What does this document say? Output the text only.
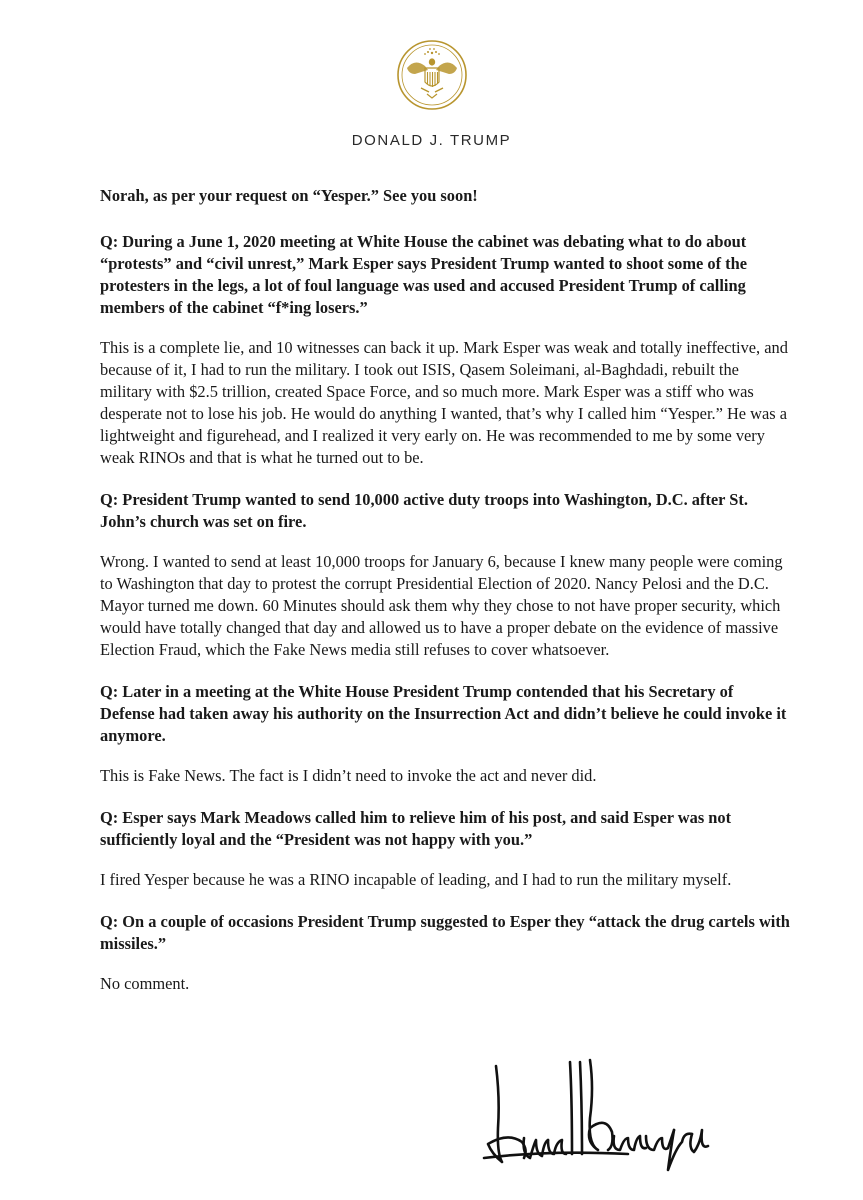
DONALD J. TRUMP

Norah, as per your request on “Yesper.” See you soon!

Q: During a June 1, 2020 meeting at White House the cabinet was debating what to do about “protests” and “civil unrest,” Mark Esper says President Trump wanted to shoot some of the protesters in the legs, a lot of foul language was used and accused President Trump of calling members of the cabinet “f*ing losers.”

This is a complete lie, and 10 witnesses can back it up. Mark Esper was weak and totally ineffective, and because of it, I had to run the military. I took out ISIS, Qasem Soleimani, al-Baghdadi, rebuilt the military with $2.5 trillion, created Space Force, and so much more. Mark Esper was a stiff who was desperate not to lose his job. He would do anything I wanted, that’s why I called him “Yesper.” He was a lightweight and figurehead, and I realized it very early on. He was recommended to me by some very weak RINOs and that is what he turned out to be.

Q: President Trump wanted to send 10,000 active duty troops into Washington, D.C. after St. John’s church was set on fire.

Wrong. I wanted to send at least 10,000 troops for January 6, because I knew many people were coming to Washington that day to protest the corrupt Presidential Election of 2020. Nancy Pelosi and the D.C. Mayor turned me down. 60 Minutes should ask them why they chose to not have proper security, which would have totally changed that day and allowed us to have a proper debate on the evidence of massive Election Fraud, which the Fake News media still refuses to cover whatsoever.

Q: Later in a meeting at the White House President Trump contended that his Secretary of Defense had taken away his authority on the Insurrection Act and didn’t believe he could invoke it anymore.

This is Fake News. The fact is I didn’t need to invoke the act and never did.

Q: Esper says Mark Meadows called him to relieve him of his post, and said Esper was not sufficiently loyal and the “President was not happy with you.”

I fired Yesper because he was a RINO incapable of leading, and I had to run the military myself.

Q: On a couple of occasions President Trump suggested to Esper they “attack the drug cartels with missiles.”

No comment.
